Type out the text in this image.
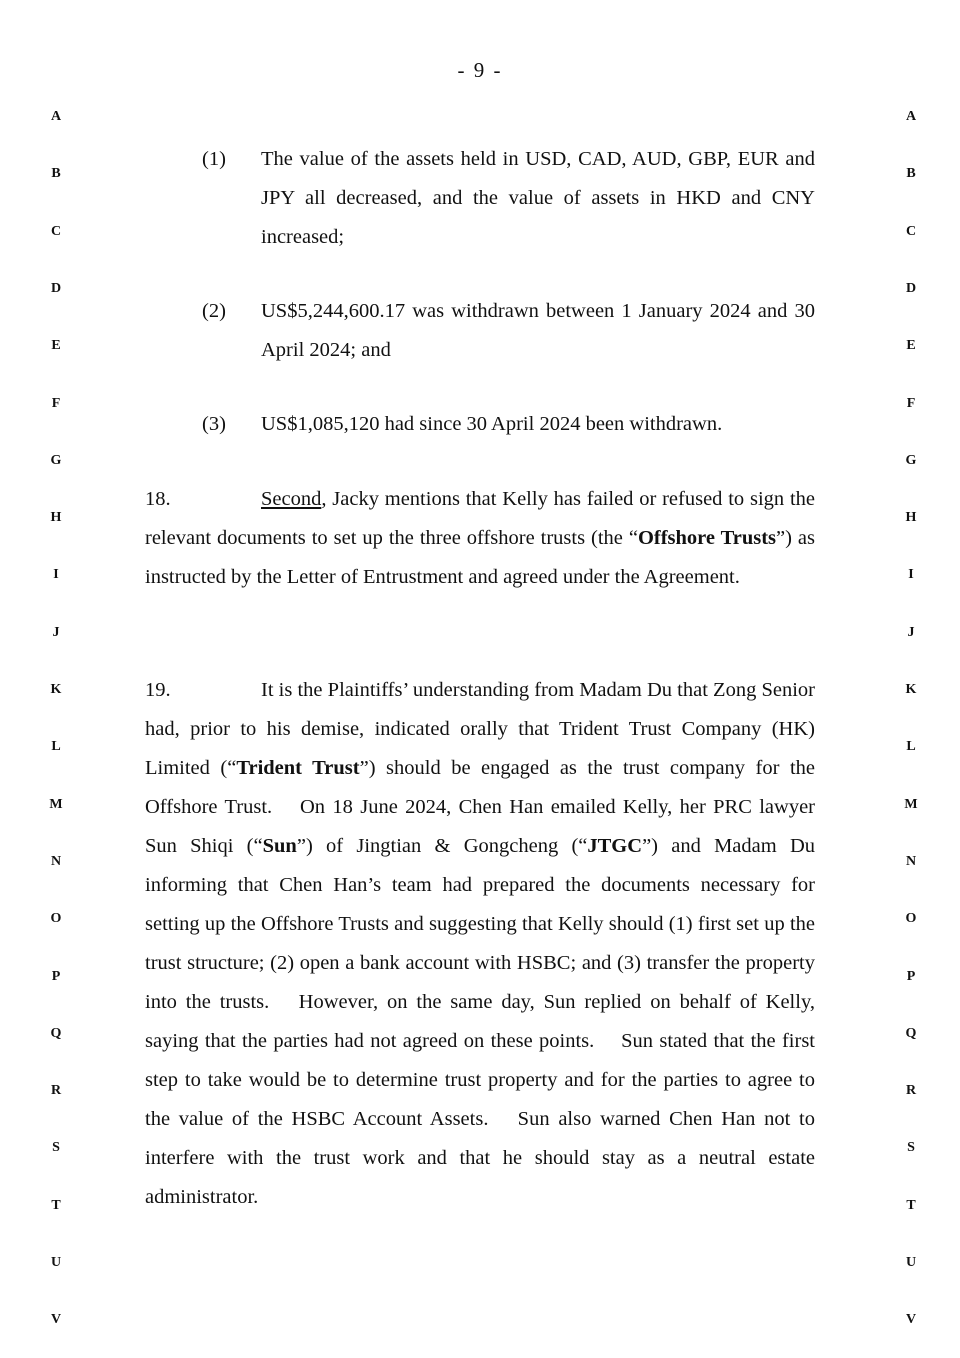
- 9 -
A	A
B	B
C	C
D	D
E	E
F	F
G	G
H	H
I	I
J	J
K	K
L	L
M	M
N	N
O	O
P	P
Q	Q
R	R
S	S
T	T
U	U
V	V
(1) The value of the assets held in USD, CAD, AUD, GBP, EUR and JPY all decreased, and the value of assets in HKD and CNY increased;
(2) US$5,244,600.17 was withdrawn between 1 January 2024 and 30 April 2024; and
(3) US$1,085,120 had since 30 April 2024 been withdrawn.
18.	Second, Jacky mentions that Kelly has failed or refused to sign the relevant documents to set up the three offshore trusts (the “Offshore Trusts”) as instructed by the Letter of Entrustment and agreed under the Agreement.
19.	It is the Plaintiffs’ understanding from Madam Du that Zong Senior had, prior to his demise, indicated orally that Trident Trust Company (HK) Limited (“Trident Trust”) should be engaged as the trust company for the Offshore Trust.  On 18 June 2024, Chen Han emailed Kelly, her PRC lawyer Sun Shiqi (“Sun”) of Jingtian & Gongcheng (“JTGC”) and Madam Du informing that Chen Han’s team had prepared the documents necessary for setting up the Offshore Trusts and suggesting that Kelly should (1) first set up the trust structure; (2) open a bank account with HSBC; and (3) transfer the property into the trusts.  However, on the same day, Sun replied on behalf of Kelly, saying that the parties had not agreed on these points.  Sun stated that the first step to take would be to determine trust property and for the parties to agree to the value of the HSBC Account Assets.  Sun also warned Chen Han not to interfere with the trust work and that he should stay as a neutral estate administrator.
